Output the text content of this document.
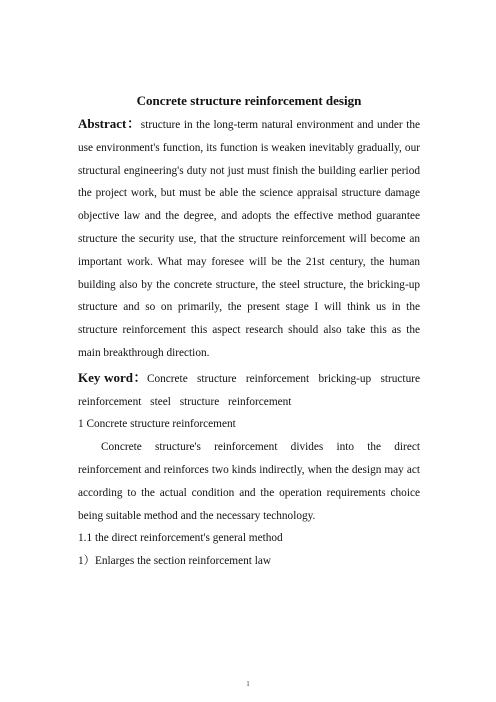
Concrete structure reinforcement design

Abstract：structure in the long-term natural environment and under the use environment's function, its function is weaken inevitably gradually, our structural engineering's duty not just must finish the building earlier period the project work, but must be able the science appraisal structure damage objective law and the degree, and adopts the effective method guarantee structure the security use, that the structure reinforcement will become an important work. What may foresee will be the 21st century, the human building also by the concrete structure, the steel structure, the bricking-up structure and so on primarily, the present stage I will think us in the structure reinforcement this aspect research should also take this as the main breakthrough direction.

Key word：Concrete structure reinforcement bricking-up structure reinforcement steel structure reinforcement

1 Concrete structure reinforcement

Concrete structure's reinforcement divides into the direct reinforcement and reinforces two kinds indirectly, when the design may act according to the actual condition and the operation requirements choice being suitable method and the necessary technology.

1.1 the direct reinforcement's general method

1）Enlarges the section reinforcement law

1
